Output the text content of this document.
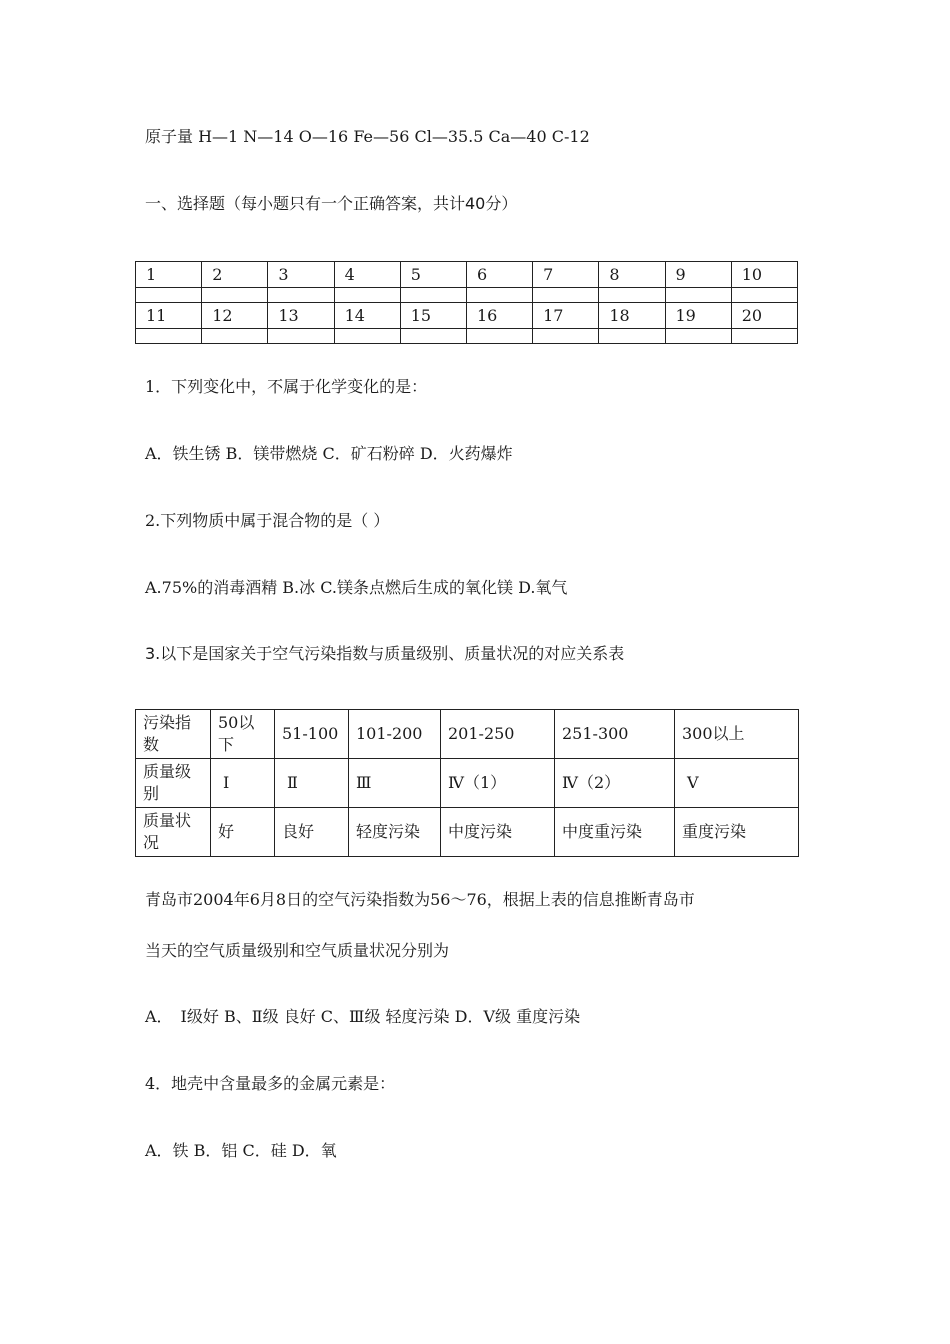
原子量 H—1 N—14 O—16 Fe—56 Cl—35.5 Ca—40 C-12
一、选择题（每小题只有一个正确答案，共计40分）
1	2	3	4	5	6	7	8	9	10

11	12	13	14	15	16	17	18	19	20

1．下列变化中，不属于化学变化的是：
A．铁生锈 B．镁带燃烧 C．矿石粉碎 D．火药爆炸
2.下列物质中属于混合物的是（ ）
A.75%的消毒酒精 B.冰 C.镁条点燃后生成的氧化镁 D.氧气
3.以下是国家关于空气污染指数与质量级别、质量状况的对应关系表
污染指数	50以下	51-100	101-200	201-250	251-300	300以上
质量级别	Ⅰ	Ⅱ	Ⅲ	Ⅳ（1）	Ⅳ（2）	Ⅴ
质量状况	好	良好	轻度污染	中度污染	中度重污染	重度污染
青岛市2004年6月8日的空气污染指数为56～76，根据上表的信息推断青岛市
当天的空气质量级别和空气质量状况分别为
A．　Ⅰ级好 B、Ⅱ级 良好 C、Ⅲ级 轻度污染 D．Ⅴ级 重度污染
4．地壳中含量最多的金属元素是：
A．铁 B．铝 C．硅 D．氧
